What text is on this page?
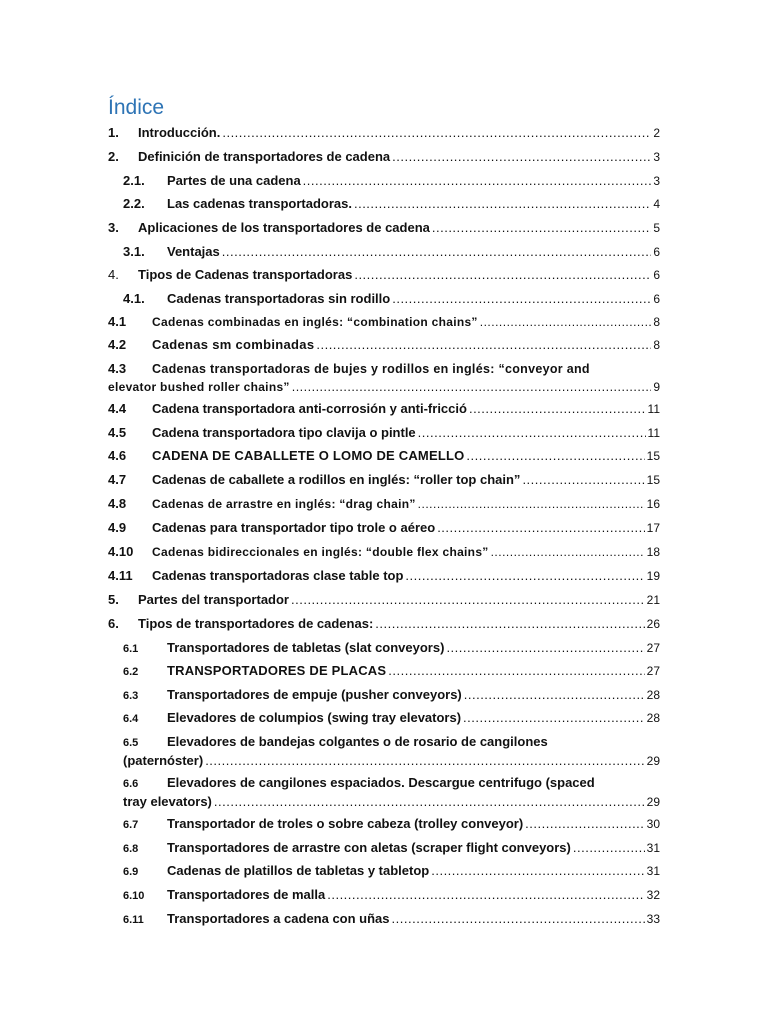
Índice
1.	Introducción. .....	2
2.	Definición de transportadores de cadena .....	3
2.1.	Partes de una cadena .....	3
2.2.	Las cadenas transportadoras. .....	4
3.	Aplicaciones de los transportadores de cadena .....	5
3.1.	Ventajas .....	6
4.	Tipos de Cadenas transportadoras .....	6
4.1.	Cadenas transportadoras sin rodillo .....	6
4.1	Cadenas combinadas en inglés: “combination chains” .....	8
4.2	Cadenas sm combinadas .....	8
4.3 Cadenas transportadoras de bujes y rodillos en inglés: “conveyor and
elevator bushed roller chains” .....	9
4.4	Cadena transportadora anti-corrosión y anti-fricció .....	11
4.5	Cadena transportadora tipo clavija o pintle .....	11
4.6	CADENA DE CABALLETE O LOMO DE CAMELLO .....	15
4.7	Cadenas de caballete a rodillos en inglés: “roller top chain” .....	15
4.8	Cadenas de arrastre en inglés: “drag chain” .....	16
4.9	Cadenas para transportador tipo trole o aéreo .....	17
4.10	Cadenas bidireccionales en inglés: “double flex chains” .....	18
4.11	Cadenas transportadoras clase table top .....	19
5.	Partes del transportador .....	21
6.	Tipos de transportadores de cadenas: .....	26
6.1	Transportadores de tabletas (slat conveyors) .....	27
6.2	TRANSPORTADORES DE PLACAS .....	27
6.3	Transportadores de empuje (pusher conveyors) .....	28
6.4	Elevadores de columpios (swing tray elevators) .....	28
6.5 Elevadores de bandejas colgantes o de rosario de cangilones
(paternóster) .....	29
6.6 Elevadores de cangilones espaciados. Descargue centrifugo (spaced
tray elevators) .....	29
6.7	Transportador de troles o sobre cabeza (trolley conveyor) .....	30
6.8	Transportadores de arrastre con aletas (scraper flight conveyors) .....	31
6.9	Cadenas de platillos de tabletas y tabletop .....	31
6.10	Transportadores de malla .....	32
6.11	Transportadores a cadena con uñas .....	33
